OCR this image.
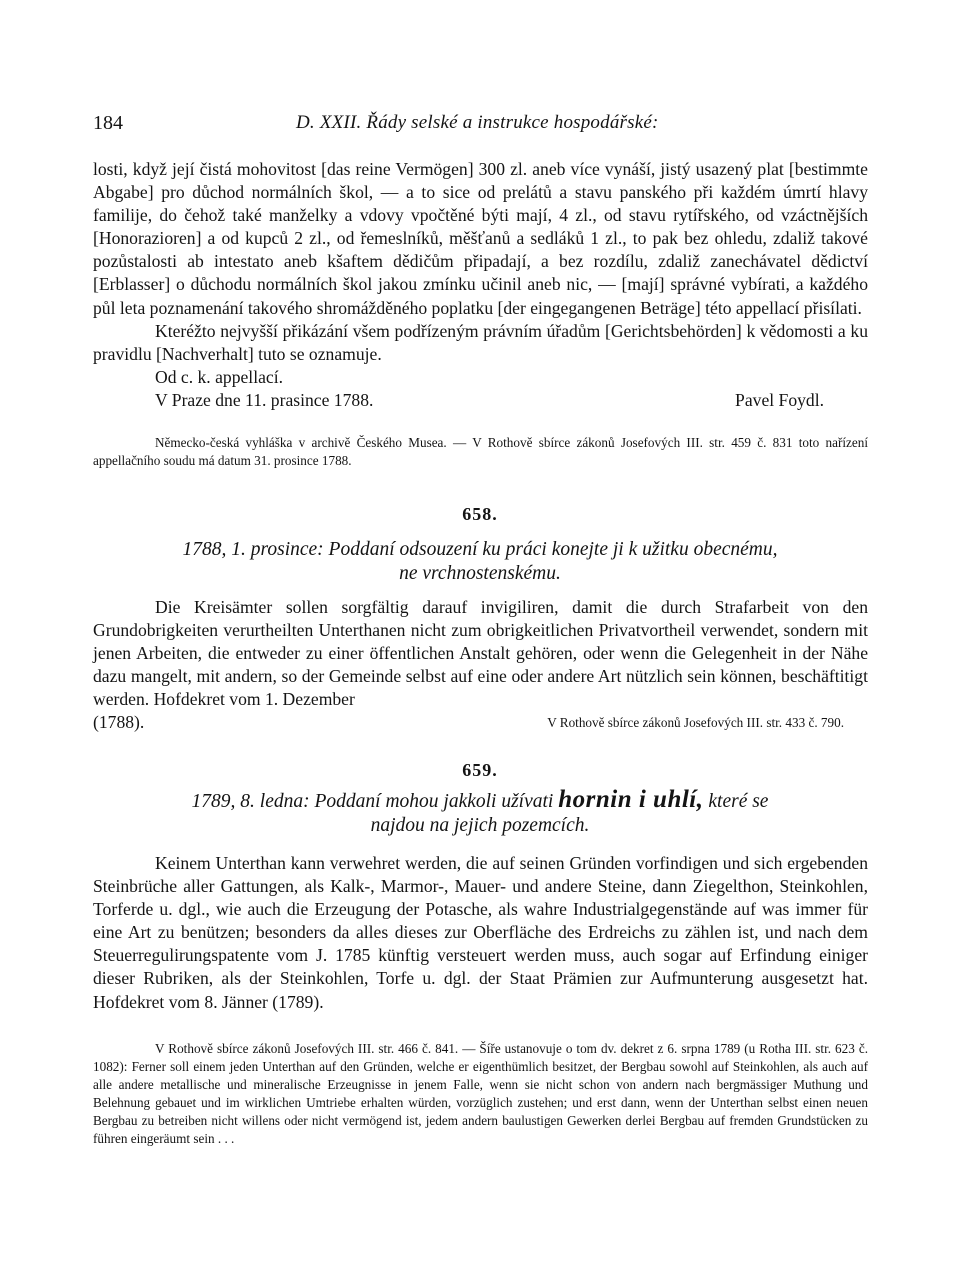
184	D. XXII. Řády selské a instrukce hospodářské:

losti, když její čistá mohovitost [das reine Vermögen] 300 zl. aneb více vynáší, jistý usazený plat [bestimmte Abgabe] pro důchod normálních škol, — a to sice od prelátů a stavu panského při každém úmrtí hlavy familije, do čehož také manželky a vdovy vpočtěné býti mají, 4 zl., od stavu rytířského, od vzáctnějších [Honorazioren] a od kupců 2 zl., od řemeslníků, měšťanů a sedláků 1 zl., to pak bez ohledu, zdaliž takové pozůstalosti ab intestato aneb kšaftem dědičům připadají, a bez rozdílu, zdaliž zanechávatel dědictví [Erblasser] o důchodu normálních škol jakou zmínku učinil aneb nic, — [mají] správné vybírati, a každého půl leta poznamenání takového shromážděného poplatku [der eingegangenen Beträge] této appellací přisílati.

Kteréžto nejvyšší přikázání všem podřízeným právním úřadům [Gerichtsbehörden] k vědomosti a ku pravidlu [Nachverhalt] tuto se oznamuje.

Od c. k. appellací.

V Praze dne 11. prasince 1788.	Pavel Foydl.

Německo-česká vyhláška v archivě Českého Musea. — V Rothově sbírce zákonů Josefových III. str. 459 č. 831 toto nařízení appellačního soudu má datum 31. prosince 1788.

658.
1788, 1. prosince: Poddaní odsouzení ku práci konejte ji k užitku obecnému,
ne vrchnostenskému.

Die Kreisämter sollen sorgfältig darauf invigiliren, damit die durch Strafarbeit von den Grundobrigkeiten verurtheilten Unterthanen nicht zum obrigkeitlichen Privatvortheil verwendet, sondern mit jenen Arbeiten, die entweder zu einer öffentlichen Anstalt gehören, oder wenn die Gelegenheit in der Nähe dazu mangelt, mit andern, so der Gemeinde selbst auf eine oder andere Art nützlich sein können, beschäftitigt werden. Hofdekret vom 1. Dezember

(1788).	V Rothově sbírce zákonů Josefových III. str. 433 č. 790.
659.
1789, 8. ledna: Poddaní mohou jakkoli užívati hornin i uhlí, které se
najdou na jejich pozemcích.

Keinem Unterthan kann verwehret werden, die auf seinen Gründen vorfindigen und sich ergebenden Steinbrüche aller Gattungen, als Kalk-, Marmor-, Mauer- und andere Steine, dann Ziegelthon, Steinkohlen, Torferde u. dgl., wie auch die Erzeugung der Potasche, als wahre Industrialgegenstände auf was immer für eine Art zu benützen; besonders da alles dieses zur Oberfläche des Erdreichs zu zählen ist, und nach dem Steuerregulirungspatente vom J. 1785 künftig versteuert werden muss, auch sogar auf Erfindung einiger dieser Rubriken, als der Steinkohlen, Torfe u. dgl. der Staat Prämien zur Aufmunterung ausgesetzt hat. Hofdekret vom 8. Jänner (1789).

V Rothově sbírce zákonů Josefových III. str. 466 č. 841. — Šíře ustanovuje o tom dv. dekret z 6. srpna 1789 (u Rotha III. str. 623 č. 1082): Ferner soll einem jeden Unterthan auf den Gründen, welche er eigenthümlich besitzet, der Bergbau sowohl auf Steinkohlen, als auch auf alle andere metallische und mineralische Erzeugnisse in jenem Falle, wenn sie nicht schon von andern nach bergmässiger Muthung und Belehnung gebauet und im wirklichen Umtriebe erhalten würden, vorzüglich zustehen; und erst dann, wenn der Unterthan selbst einen neuen Bergbau zu betreiben nicht willens oder nicht vermögend ist, jedem andern baulustigen Gewerken derlei Bergbau auf fremden Grundstücken zu führen eingeräumt sein . . .
